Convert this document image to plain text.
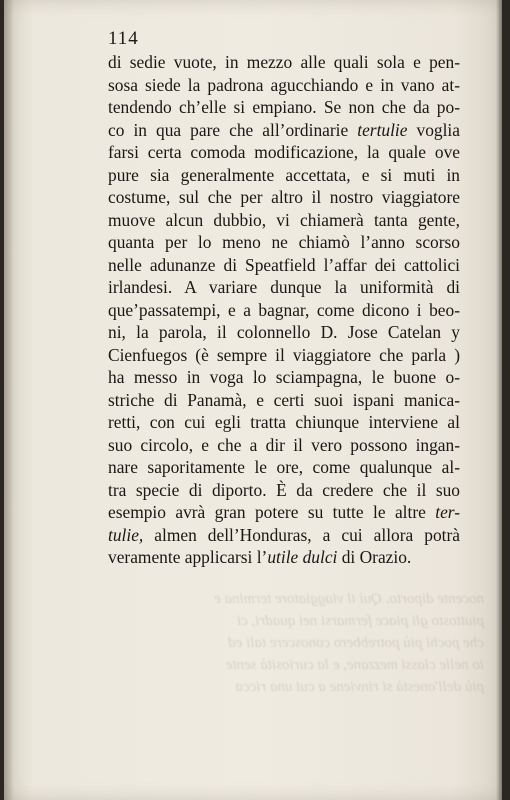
nocente diporto. Quì il viaggiatore termina e
piuttosto gli piace fermarsi nei quadri, ci
che pochi più potrebbero conoscere tali ed
io nelle classi mezzane, e la curiosità sente
più dell'onestà si rinviene a cui una ricca
114
di sedie vuote, in mezzo alle quali sola e pen-
sosa siede la padrona agucchiando e in vano at-
tendendo ch’elle si empiano. Se non che da po-
co in qua pare che all’ordinarie tertulie voglia
farsi certa comoda modificazione, la quale ove
pure sia generalmente accettata, e si muti in
costume, sul che per altro il nostro viaggiatore
muove alcun dubbio, vi chiamerà tanta gente,
quanta per lo meno ne chiamò l’anno scorso
nelle adunanze di Speatfield l’affar dei cattolici
irlandesi. A variare dunque la uniformità di
que’passatempi, e a bagnar, come dicono i beo-
ni, la parola, il colonnello D. Jose Catelan y
Cienfuegos (è sempre il viaggiatore che parla )
ha messo in voga lo sciampagna, le buone o-
striche di Panamà, e certi suoi ispani manica-
retti, con cui egli tratta chiunque interviene al
suo circolo, e che a dir il vero possono ingan-
nare saporitamente le ore, come qualunque al-
tra specie di diporto. È da credere che il suo
esempio avrà gran potere su tutte le altre ter-
tulie, almen dell’Honduras, a cui allora potrà
veramente applicarsi l’utile dulci di Orazio.
